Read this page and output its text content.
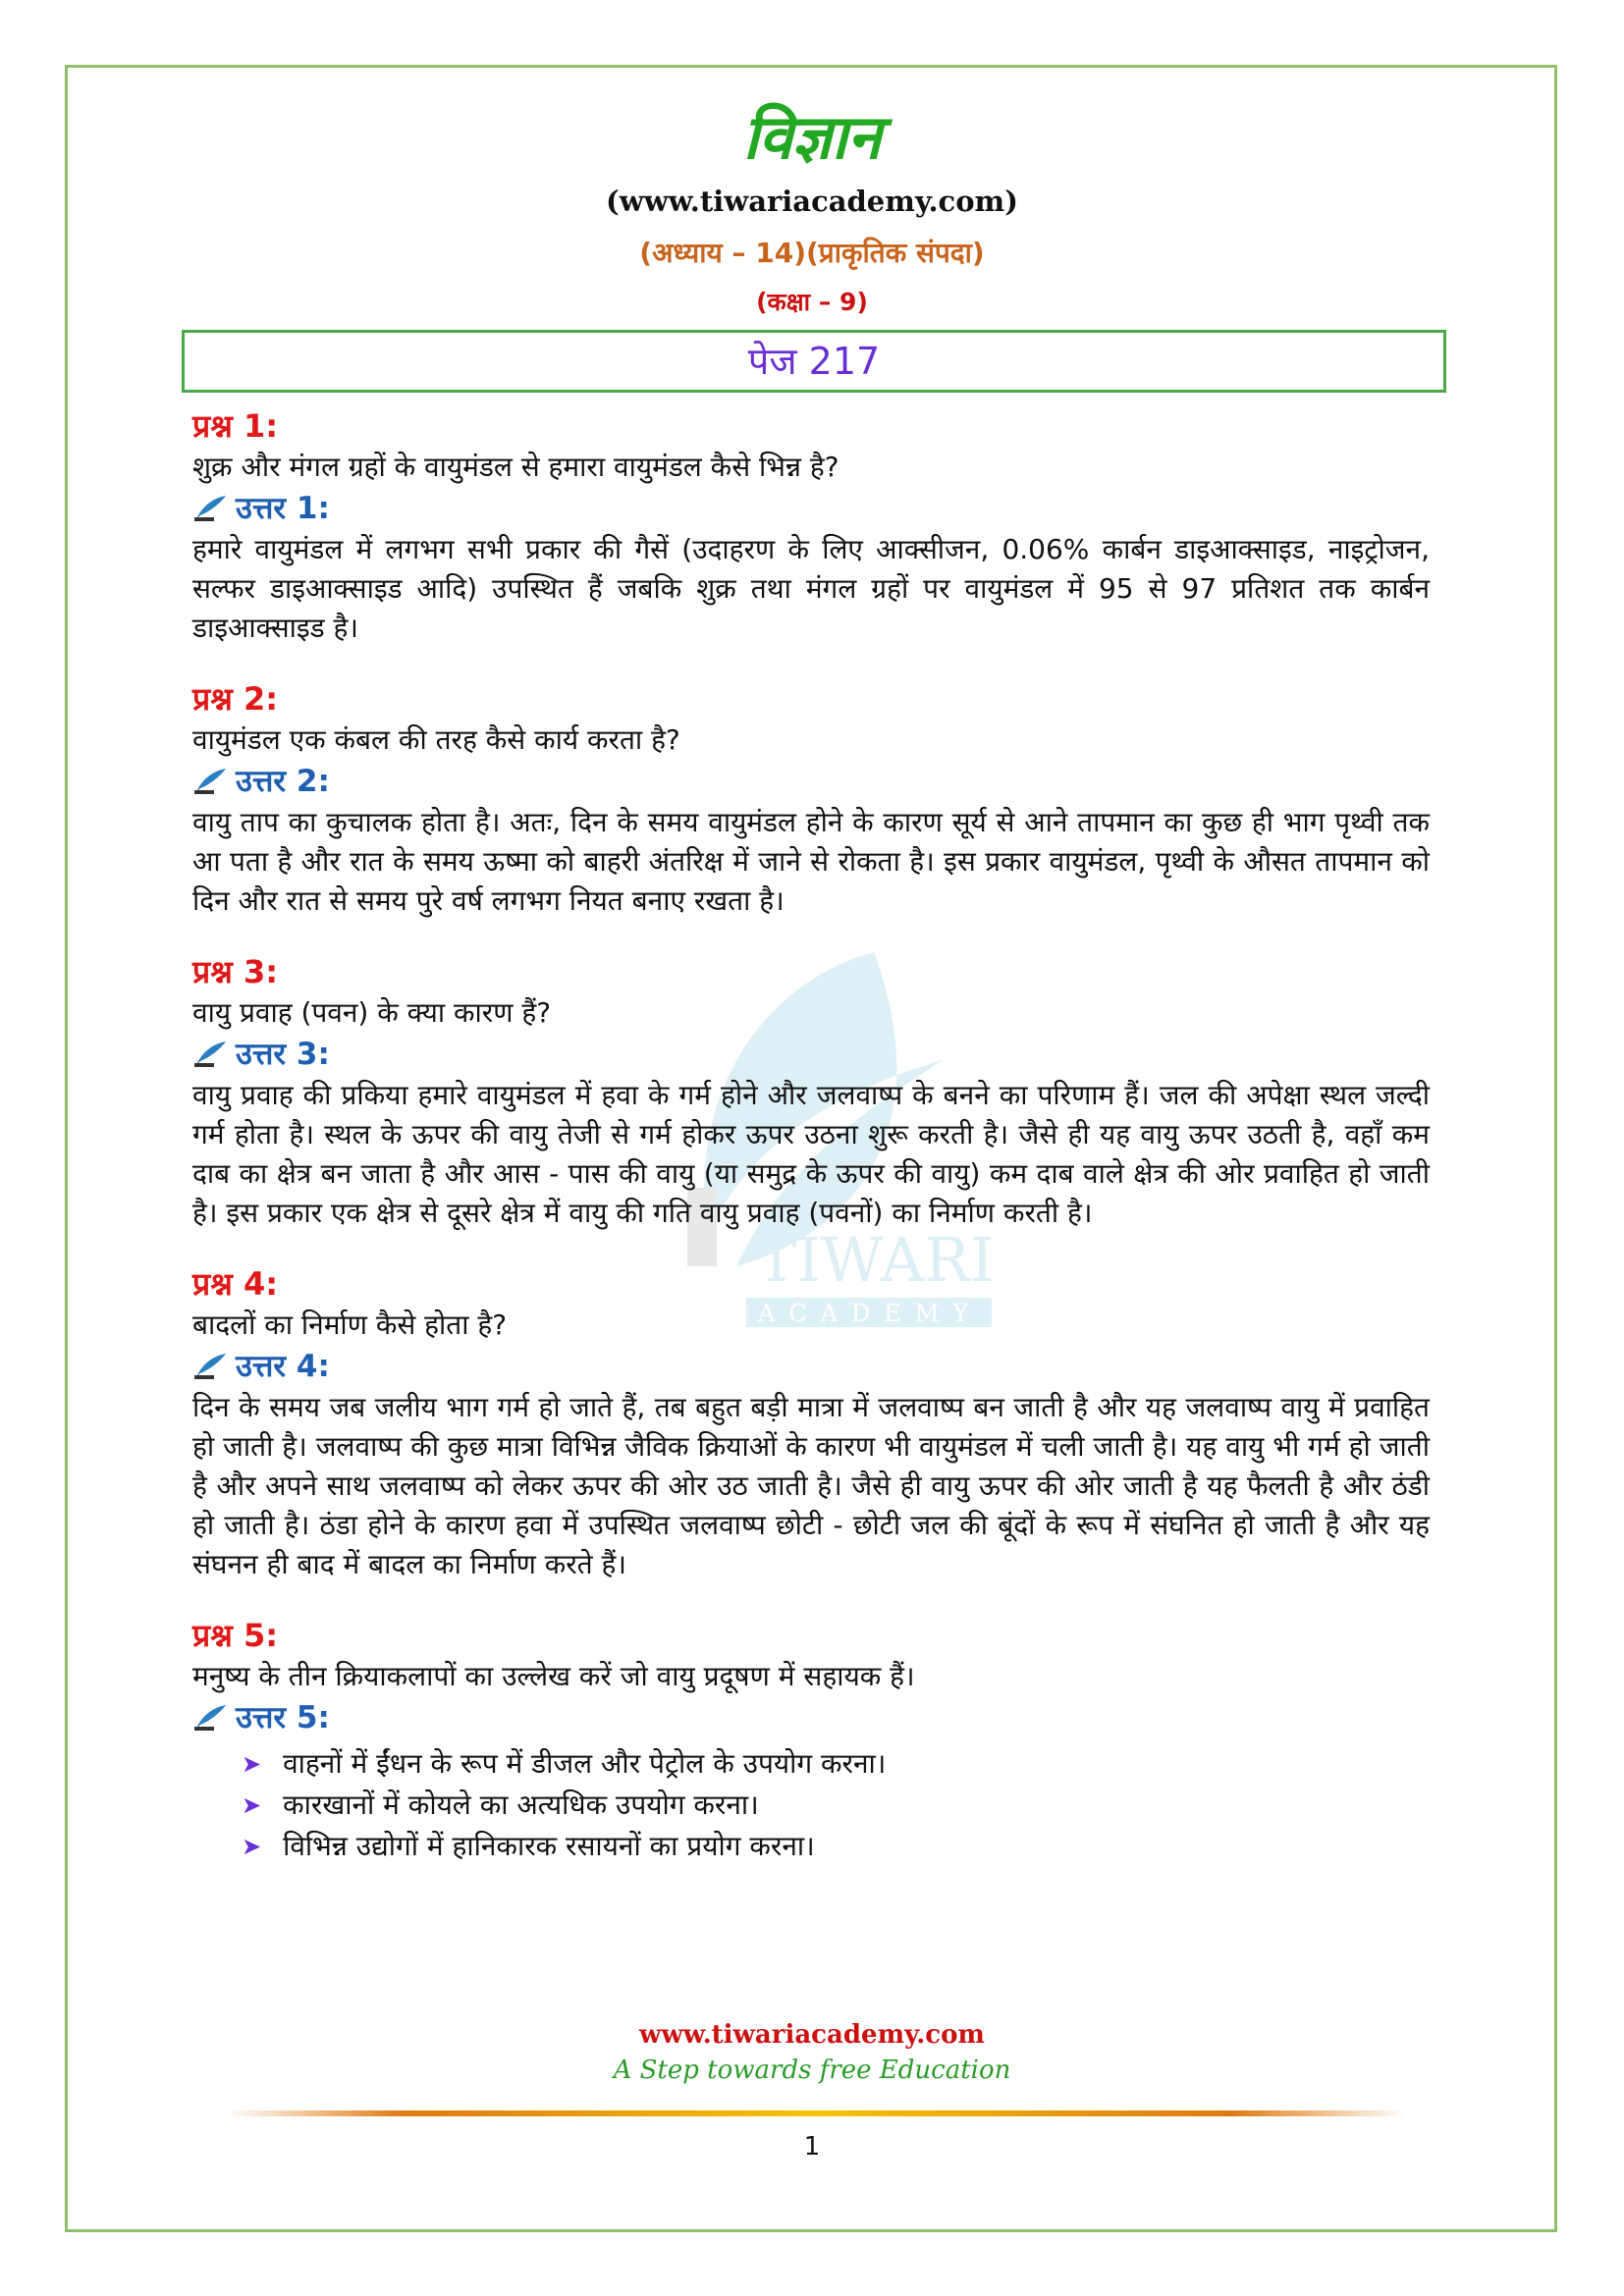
TIWARI
ACADEMY
विज्ञान
(www.tiwariacademy.com)
(अध्याय – 14)(प्राकृतिक संपदा)
(कक्षा – 9)
पेज 217
प्रश्न 1:
शुक्र और मंगल ग्रहों के वायुमंडल से हमारा वायुमंडल कैसे भिन्न है?
उत्तर 1:
हमारे वायुमंडल में लगभग सभी प्रकार की गैसें (उदाहरण के लिए आक्सीजन, 0.06% कार्बन डाइआक्साइड, नाइट्रोजन, सल्फर डाइआक्साइड आदि) उपस्थित हैं जबकि शुक्र तथा मंगल ग्रहों पर वायुमंडल में 95 से 97 प्रतिशत तक कार्बन डाइआक्साइड है।
प्रश्न 2:
वायुमंडल एक कंबल की तरह कैसे कार्य करता है?
उत्तर 2:
वायु ताप का कुचालक होता है। अतः, दिन के समय वायुमंडल होने के कारण सूर्य से आने तापमान का कुछ ही भाग पृथ्वी तक आ पता है और रात के समय ऊष्मा को बाहरी अंतरिक्ष में जाने से रोकता है। इस प्रकार वायुमंडल, पृथ्वी के औसत तापमान को दिन और रात से समय पुरे वर्ष लगभग नियत बनाए रखता है।
प्रश्न 3:
वायु प्रवाह (पवन) के क्या कारण हैं?
उत्तर 3:
वायु प्रवाह की प्रकिया हमारे वायुमंडल में हवा के गर्म होने और जलवाष्प के बनने का परिणाम हैं। जल की अपेक्षा स्थल जल्दी गर्म होता है। स्थल के ऊपर की वायु तेजी से गर्म होकर ऊपर उठना शुरू करती है। जैसे ही यह वायु ऊपर उठती है, वहाँ कम दाब का क्षेत्र बन जाता है और आस - पास की वायु (या समुद्र के ऊपर की वायु) कम दाब वाले क्षेत्र की ओर प्रवाहित हो जाती है। इस प्रकार एक क्षेत्र से दूसरे क्षेत्र में वायु की गति वायु प्रवाह (पवनों) का निर्माण करती है।
प्रश्न 4:
बादलों का निर्माण कैसे होता है?
उत्तर 4:
दिन के समय जब जलीय भाग गर्म हो जाते हैं, तब बहुत बड़ी मात्रा में जलवाष्प बन जाती है और यह जलवाष्प वायु में प्रवाहित हो जाती है। जलवाष्प की कुछ मात्रा विभिन्न जैविक क्रियाओं के कारण भी वायुमंडल में चली जाती है। यह वायु भी गर्म हो जाती है और अपने साथ जलवाष्प को लेकर ऊपर की ओर उठ जाती है। जैसे ही वायु ऊपर की ओर जाती है यह फैलती है और ठंडी हो जाती है। ठंडा होने के कारण हवा में उपस्थित जलवाष्प छोटी - छोटी जल की बूंदों के रूप में संघनित हो जाती है और यह संघनन ही बाद में बादल का निर्माण करते हैं।
प्रश्न 5:
मनुष्य के तीन क्रियाकलापों का उल्लेख करें जो वायु प्रदूषण में सहायक हैं।
उत्तर 5:
➤ वाहनों में ईंधन के रूप में डीजल और पेट्रोल के उपयोग करना।
➤ कारखानों में कोयले का अत्यधिक उपयोग करना।
➤ विभिन्न उद्योगों में हानिकारक रसायनों का प्रयोग करना।
www.tiwariacademy.com
A Step towards free Education
1
